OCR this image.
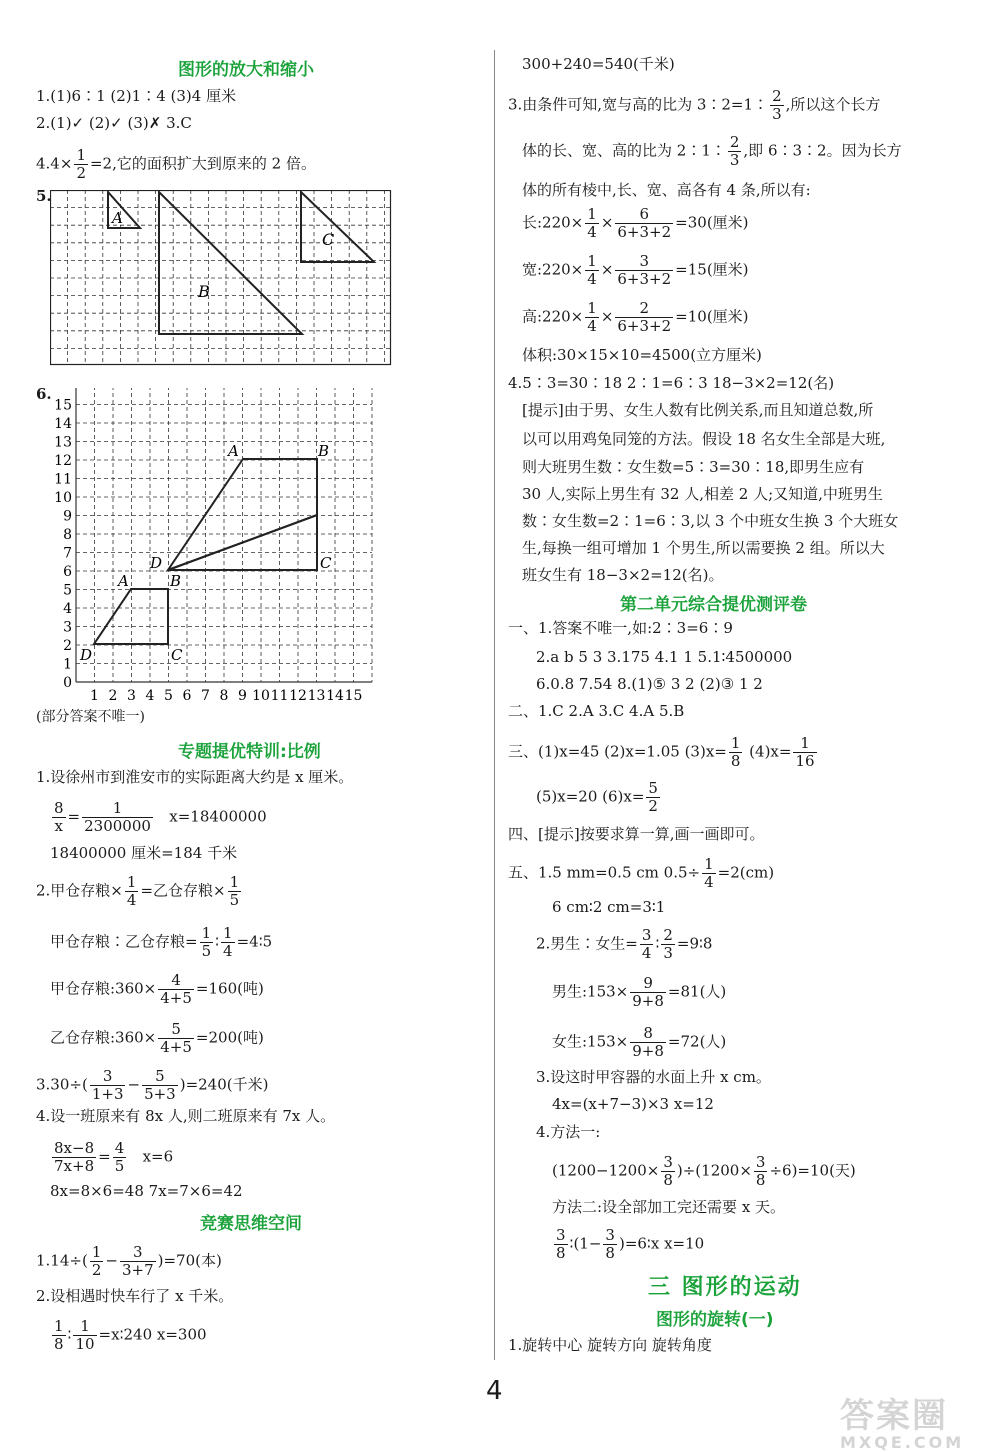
图形的放大和缩小
1.(1)6∶1 (2)1∶4 (3)4 厘米
2.(1)✓ (2)✓ (3)✗ 3.C
$4.4\times \frac{1}{2} =2$,它的面积扩大到原来的 2 倍。
5.
A
B
C
6.
15
14
13
12
11
10
9
8
7
6
5
4
3
2
1
0
1 2 3 4 5 6 7 8 9 10 11 12 13 14 15
A	B
C
D
A	B
C
D
(部分答案不唯一)
专题提优特训:比例
1.设徐州市到淮安市的实际距离大约是 x 厘米。
$\frac{8}{x} = \frac{1}{2300000} x=18400000$
18400000 厘米=184 千米
2.甲仓存粮× $\frac{1}{4}$ =乙仓存粮× $\frac{1}{5}$
甲仓存粮∶乙仓存粮= $\frac{1}{5}$ ∶ $\frac{1}{4}$ =4∶5
甲仓存粮:360× $\frac{4}{4+5} =160$(吨)
乙仓存粮:360× $\frac{5}{4+5} =200$(吨)
$3.30\div( \frac{3}{1+3} - \frac{5}{5+3} )=240$(千米)
4.设一班原来有 8x 人,则二班原来有 7x 人。
$\frac{8x-8}{7x+8} = \frac{4}{5} x=6$
8x=8×6=48 7x=7×6=42
竞赛思维空间
$1.14\div( \frac{1}{2} - \frac{3}{3+7} )=70$(本)
2.设相遇时快车行了 x 千米。
$\frac{1}{8}$ ∶ $\frac{1}{10}$ =x∶240 x=300
300+240=540(千米)
3.由条件可知,宽与高的比为 3∶2=1∶ $\frac{2}{3}$ ,所以这个长方
体的长、宽、高的比为 2∶1∶ $\frac{2}{3}$ ,即 6∶3∶2。因为长方
体的所有棱中,长、宽、高各有 4 条,所以有:
长:220× $\frac{1}{4} \times \frac{6}{6+3+2} =30$(厘米)
宽:220× $\frac{1}{4} \times \frac{3}{6+3+2} =15$(厘米)
高:220× $\frac{1}{4} \times \frac{2}{6+3+2} =10$(厘米)
体积:30×15×10=4500(立方厘米)
4.5∶3=30∶18 2∶1=6∶3 18−3×2=12(名)
[提示]由于男、女生人数有比例关系,而且知道总数,所
以可以用鸡兔同笼的方法。假设 18 名女生全部是大班,
则大班男生数∶女生数=5∶3=30∶18,即男生应有
30 人,实际上男生有 32 人,相差 2 人;又知道,中班男生
数∶女生数=2∶1=6∶3,以 3 个中班女生换 3 个大班女
生,每换一组可增加 1 个男生,所以需要换 2 组。所以大
班女生有 18−3×2=12(名)。
第二单元综合提优测评卷
一、1.答案不唯一,如:2∶3=6∶9
2.a b 5 3 3.175 4.1 1 5.1∶4500000
6.0.8 7.54 8.(1)⑤ 3 2 (2)③ 1 2
二、1.C 2.A 3.C 4.A 5.B
三、(1)x=45 (2)x=1.05 $(3)x= \frac{1}{8} (4)x= \frac{1}{16}$
(5)x=20 $(6)x= \frac{5}{2}$
四、[提示]按要求算一算,画一画即可。
五、1.5 mm=0.5 cm $0.5\div \frac{1}{4} =2(cm)$
6 cm∶2 cm=3∶1
2.男生∶女生= $\frac{3}{4}$ ∶ $\frac{2}{3}$ =9∶8
男生:153× $\frac{9}{9+8} =81$(人)
女生:153× $\frac{8}{9+8} =72$(人)
3.设这时甲容器的水面上升 x cm。
4x=(x+7−3)×3 x=12
4.方法一:
$(1200-1200\times \frac{3}{8} )\div(1200\times \frac{3}{8} \div 6)=10$(天)
方法二:设全部加工完还需要 x 天。
$\frac{3}{8}$ ∶(1− $\frac{3}{8}$ )=6∶x x=10
三 图形的运动
图形的旋转(一)
1.旋转中心 旋转方向 旋转角度
4
答案圈
MXQE.COM
